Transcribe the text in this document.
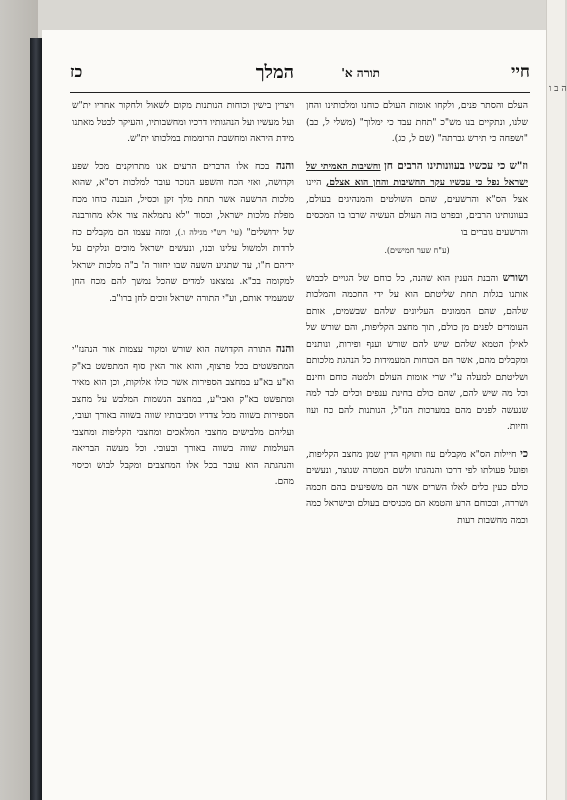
ה ב ו
חיי
תורה א'
המלך
כז

העלם והסתר פנים, ולקחו אומות העולם כוחנו ומלכותינו והחן שלנו, ונתקיים בנו מש"כ "תחת עבד כי ימלוך" (משלי ל, כב) "ושפחה כי תירש גברתה" (שם ל, כג).

וז"ש כי עכשיו בעוונותינו הרבים חן וחשיבות האמיתי של ישראל נפל כי עכשיו עקר החשיבות והחן הוא אצלם, היינו אצל הס"א והרשעים, שהם השולטים והמנהיגים בעולם, בעוונותינו הרבים, ובפרט בזה העולם העשיה שרבו בו המכסים והרשעים גוברים בו
(ע"ח שער חמישים).

ושורש והבנת הענין הוא שהנה, כל כוחם של הגויים לכבוש אותנו בגלות תחת שליטתם הוא על ידי החכמה והמלכות שלהם, שהם הממונים העליונים שלהם שבשמים, אותם העומדים לפנים מן כולם, תוך מחצב הקליפות, והם שורש של לאילן הטמא שלהם שיש להם שורש וענף ופירות, ונותנים ומקבלים מהם, אשר הם הכוחות המעמידות כל הנהגת מלכותם ושליטתם למעלה ע"י שרי אומות העולם ולמטה כוחם וחינם וכל מה שיש להם, שהם כולם בחינת ענפים וכלים לבד למה שנעשה לפנים מהם במערכות הנז"ל, הנותנות להם כח ועוז וחיות.

כי חיילות הס"א מקבלים עוז ותוקף הדין שמן מחצב הקליפות, ופועל פעולתו לפי דרכו והנהגתו ולשם המטרה שנוצר, ונעשים כולם כעין כלים לאלו השרים אשר הם משפיעים בהם חכמה ושררה, ובכוחם הרע והטמא הם מכניסים בעולם ובישראל כמה וכמה מחשבות רעות

ויצרין בישין וכוחות הנותנות מקום לשאול ולחקור אחריו ית"ש ועל מעשיו ועל הנהגותיו דרכיו ומחשבותיו, והעיקר לבטל מאתנו מידת היראה ומחשבת הרוממות במלכותו ית"ש.

והנה בכח אלו הדברים הרעים אנו מתרוקנים מכל שפע וקדושה, ואזי הכח והשפע הנזכר עובר למלכות דס"א, שהוא מלכות הרשעה אשר תחת מלך זקן וכסיל, הנבנה כוחו מכח מפלת מלכות ישראל, וכסוד "לא נתמלאה צור אלא מחורבנה של ירושלים" (עי' רש"י מגילה ו.), ומזה עצמו הם מקבלים כח לרדות ולמשול עלינו ובנו, ונעשים ישראל מוכים ונלקים על ידיהם ח"ו, עד שתגיע השעה שבו יחזור ה' ב"ה מלכות ישראל למקומה בכ"א. נמצאנו למדים שהכל נמשך להם מכח החן שמעמיד אותם, וע"י התורה ישראל זוכים לחן ברו"ב.

והנה התורה הקדושה הוא שורש ומקור עצמות אור הנהנז"י המתפשטים בכל פרצוף, והוא אור האין סוף המתפשט בא"ק וא"ע בא"ע במחצב הספירות אשר כולו אלוקות, וכן הוא מאיר ומתפשט בא"ק ואבי"ע, במחצב הנשמות המלבש על מחצב הספירות בשווה מכל צדדיו וסביבותיו שווה בשווה באורך ועובי, ועליהם מלבישים מחצבי המלאכים ומחצבי הקליפות ומחצבי העולמות שווה בשווה באורך ובעובי. וכל מעשה הבריאה והנהגתה הוא עובר בכל אלו המחצבים ומקבל לבוש וכיסוי מהם.
